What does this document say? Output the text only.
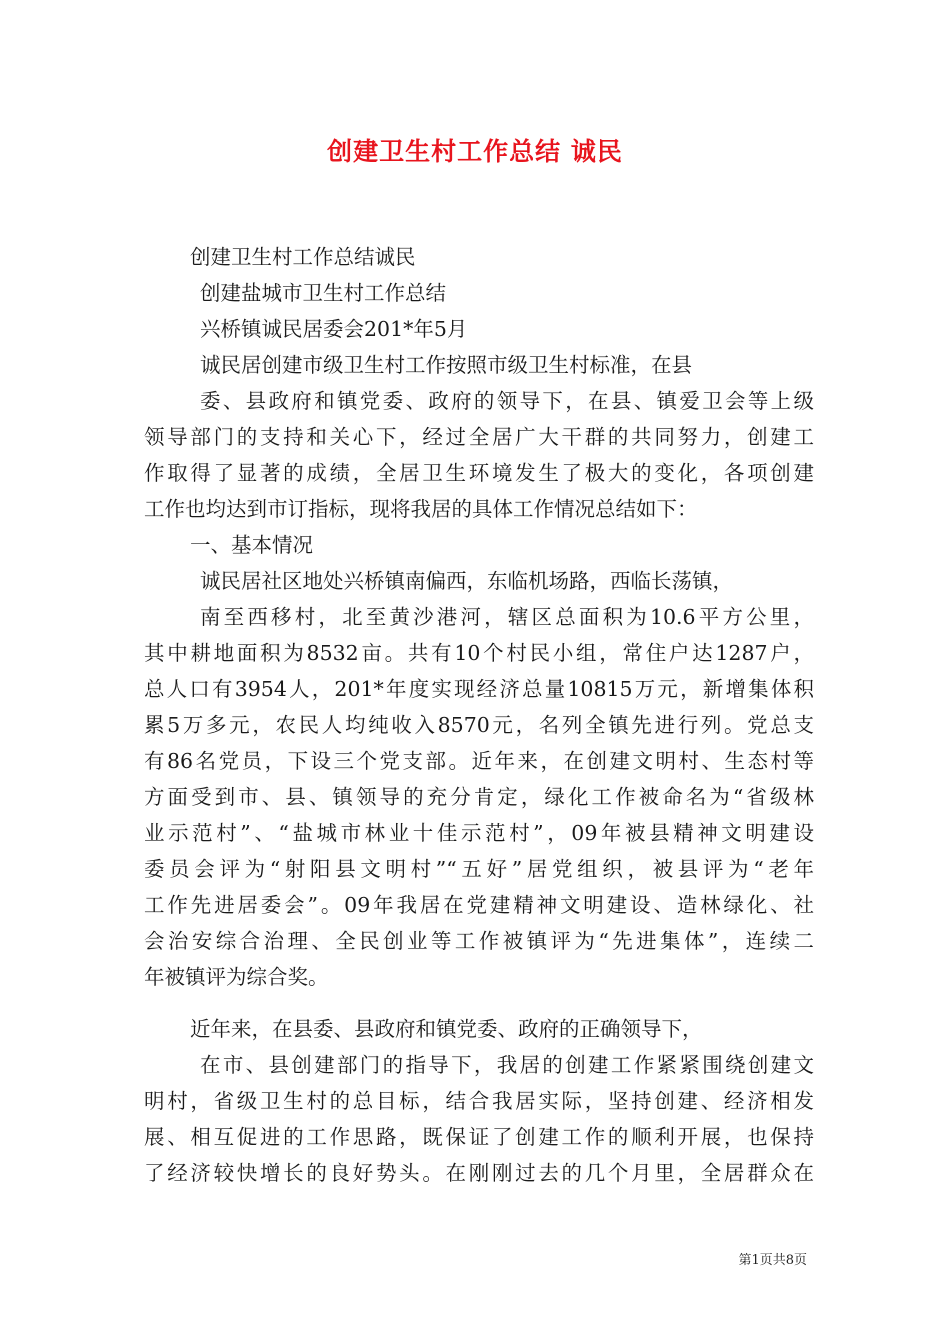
创建卫生村工作总结 诚民

创建卫生村工作总结诚民

创建盐城市卫生村工作总结

兴桥镇诚民居委会201*年5月

诚民居创建市级卫生村工作按照市级卫生村标准，在县

委、县政府和镇党委、政府的领导下，在县、镇爱卫会等上级

领导部门的支持和关心下，经过全居广大干群的共同努力，创建工

作取得了显著的成绩，全居卫生环境发生了极大的变化，各项创建

工作也均达到市订指标，现将我居的具体工作情况总结如下：

一、基本情况

诚民居社区地处兴桥镇南偏西，东临机场路，西临长荡镇，

南至西移村，北至黄沙港河，辖区总面积为10.6平方公里，

其中耕地面积为8532亩。共有10个村民小组，常住户达1287户，

总人口有3954人，201*年度实现经济总量10815万元，新增集体积

累5万多元，农民人均纯收入8570元，名列全镇先进行列。党总支

有86名党员，下设三个党支部。近年来，在创建文明村、生态村等

方面受到市、县、镇领导的充分肯定，绿化工作被命名为“省级林

业示范村”、“盐城市林业十佳示范村”，09年被县精神文明建设

委员会评为“射阳县文明村”“五好”居党组织，被县评为“老年

工作先进居委会”。09年我居在党建精神文明建设、造林绿化、社

会治安综合治理、全民创业等工作被镇评为“先进集体”，连续二

年被镇评为综合奖。

近年来，在县委、县政府和镇党委、政府的正确领导下，

在市、县创建部门的指导下，我居的创建工作紧紧围绕创建文

明村，省级卫生村的总目标，结合我居实际，坚持创建、经济相发

展、相互促进的工作思路，既保证了创建工作的顺利开展，也保持

了经济较快增长的良好势头。在刚刚过去的几个月里，全居群众在

第1页共8页
